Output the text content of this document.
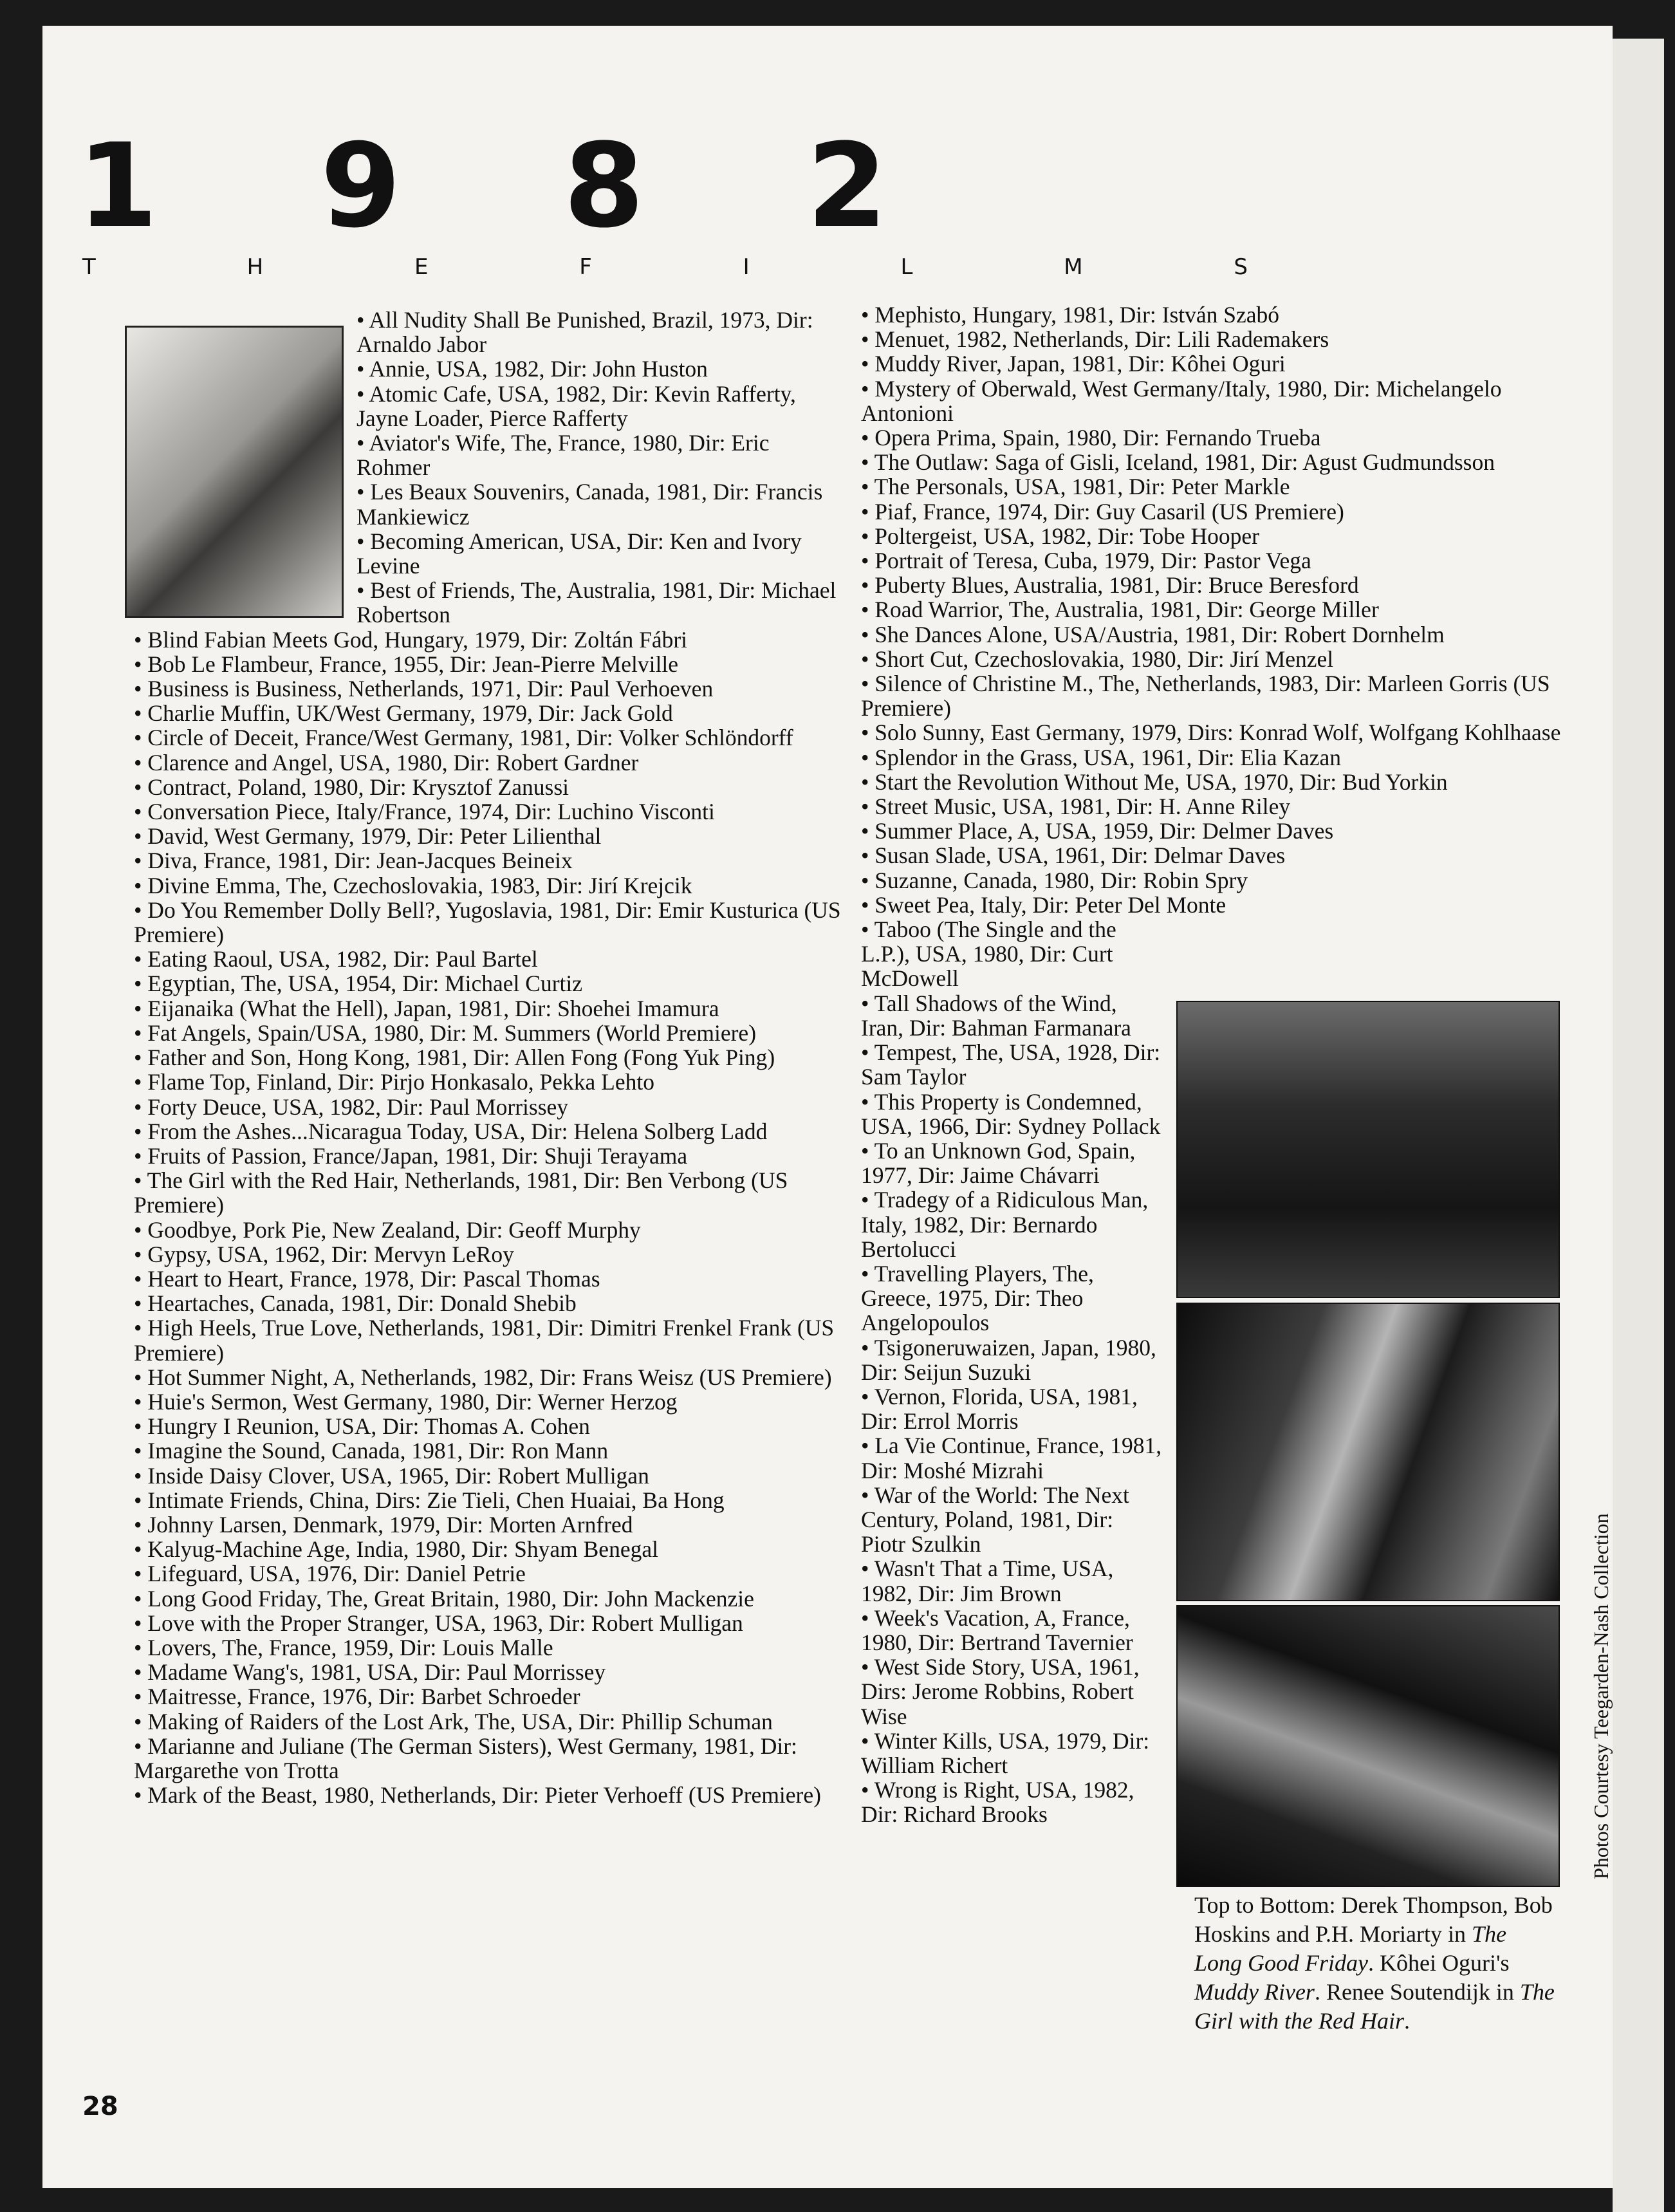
1 9 8 2
T H E F I L M S

• All Nudity Shall Be Punished, Brazil, 1973, Dir: Arnaldo Jabor

• Annie, USA, 1982, Dir: John Huston

• Atomic Cafe, USA, 1982, Dir: Kevin Rafferty, Jayne Loader, Pierce Rafferty

• Aviator's Wife, The, France, 1980, Dir: Eric Rohmer

• Les Beaux Souvenirs, Canada, 1981, Dir: Francis Mankiewicz

• Becoming American, USA, Dir: Ken and Ivory Levine

• Best of Friends, The, Australia, 1981, Dir: Michael Robertson

• Blind Fabian Meets God, Hungary, 1979, Dir: Zoltán Fábri

• Bob Le Flambeur, France, 1955, Dir: Jean-Pierre Melville

• Business is Business, Netherlands, 1971, Dir: Paul Verhoeven

• Charlie Muffin, UK/West Germany, 1979, Dir: Jack Gold

• Circle of Deceit, France/West Germany, 1981, Dir: Volker Schlöndorff

• Clarence and Angel, USA, 1980, Dir: Robert Gardner

• Contract, Poland, 1980, Dir: Krysztof Zanussi

• Conversation Piece, Italy/France, 1974, Dir: Luchino Visconti

• David, West Germany, 1979, Dir: Peter Lilienthal

• Diva, France, 1981, Dir: Jean-Jacques Beineix

• Divine Emma, The, Czechoslovakia, 1983, Dir: Jirí Krejcik

• Do You Remember Dolly Bell?, Yugoslavia, 1981, Dir: Emir Kusturica (US Premiere)

• Eating Raoul, USA, 1982, Dir: Paul Bartel

• Egyptian, The, USA, 1954, Dir: Michael Curtiz

• Eijanaika (What the Hell), Japan, 1981, Dir: Shoehei Imamura

• Fat Angels, Spain/USA, 1980, Dir: M. Summers (World Premiere)

• Father and Son, Hong Kong, 1981, Dir: Allen Fong (Fong Yuk Ping)

• Flame Top, Finland, Dir: Pirjo Honkasalo, Pekka Lehto

• Forty Deuce, USA, 1982, Dir: Paul Morrissey

• From the Ashes...Nicaragua Today, USA, Dir: Helena Solberg Ladd

• Fruits of Passion, France/Japan, 1981, Dir: Shuji Terayama

• The Girl with the Red Hair, Netherlands, 1981, Dir: Ben Verbong (US Premiere)

• Goodbye, Pork Pie, New Zealand, Dir: Geoff Murphy

• Gypsy, USA, 1962, Dir: Mervyn LeRoy

• Heart to Heart, France, 1978, Dir: Pascal Thomas

• Heartaches, Canada, 1981, Dir: Donald Shebib

• High Heels, True Love, Netherlands, 1981, Dir: Dimitri Frenkel Frank (US Premiere)

• Hot Summer Night, A, Netherlands, 1982, Dir: Frans Weisz (US Premiere)

• Huie's Sermon, West Germany, 1980, Dir: Werner Herzog

• Hungry I Reunion, USA, Dir: Thomas A. Cohen

• Imagine the Sound, Canada, 1981, Dir: Ron Mann

• Inside Daisy Clover, USA, 1965, Dir: Robert Mulligan

• Intimate Friends, China, Dirs: Zie Tieli, Chen Huaiai, Ba Hong

• Johnny Larsen, Denmark, 1979, Dir: Morten Arnfred

• Kalyug-Machine Age, India, 1980, Dir: Shyam Benegal

• Lifeguard, USA, 1976, Dir: Daniel Petrie

• Long Good Friday, The, Great Britain, 1980, Dir: John Mackenzie

• Love with the Proper Stranger, USA, 1963, Dir: Robert Mulligan

• Lovers, The, France, 1959, Dir: Louis Malle

• Madame Wang's, 1981, USA, Dir: Paul Morrissey

• Maitresse, France, 1976, Dir: Barbet Schroeder

• Making of Raiders of the Lost Ark, The, USA, Dir: Phillip Schuman

• Marianne and Juliane (The German Sisters), West Germany, 1981, Dir: Margarethe von Trotta

• Mark of the Beast, 1980, Netherlands, Dir: Pieter Verhoeff (US Premiere)

• Mephisto, Hungary, 1981, Dir: István Szabó

• Menuet, 1982, Netherlands, Dir: Lili Rademakers

• Muddy River, Japan, 1981, Dir: Kôhei Oguri

• Mystery of Oberwald, West Germany/Italy, 1980, Dir: Michelangelo Antonioni

• Opera Prima, Spain, 1980, Dir: Fernando Trueba

• The Outlaw: Saga of Gisli, Iceland, 1981, Dir: Agust Gudmundsson

• The Personals, USA, 1981, Dir: Peter Markle

• Piaf, France, 1974, Dir: Guy Casaril (US Premiere)

• Poltergeist, USA, 1982, Dir: Tobe Hooper

• Portrait of Teresa, Cuba, 1979, Dir: Pastor Vega

• Puberty Blues, Australia, 1981, Dir: Bruce Beresford

• Road Warrior, The, Australia, 1981, Dir: George Miller

• She Dances Alone, USA/Austria, 1981, Dir: Robert Dornhelm

• Short Cut, Czechoslovakia, 1980, Dir: Jirí Menzel

• Silence of Christine M., The, Netherlands, 1983, Dir: Marleen Gorris (US Premiere)

• Solo Sunny, East Germany, 1979, Dirs: Konrad Wolf, Wolfgang Kohlhaase

• Splendor in the Grass, USA, 1961, Dir: Elia Kazan

• Start the Revolution Without Me, USA, 1970, Dir: Bud Yorkin

• Street Music, USA, 1981, Dir: H. Anne Riley

• Summer Place, A, USA, 1959, Dir: Delmer Daves

• Susan Slade, USA, 1961, Dir: Delmar Daves

• Suzanne, Canada, 1980, Dir: Robin Spry

• Sweet Pea, Italy, Dir: Peter Del Monte

• Taboo (The Single and the L.P.), USA, 1980, Dir: Curt McDowell

• Tall Shadows of the Wind, Iran, Dir: Bahman Farmanara

• Tempest, The, USA, 1928, Dir: Sam Taylor

• This Property is Condemned, USA, 1966, Dir: Sydney Pollack

• To an Unknown God, Spain, 1977, Dir: Jaime Chávarri

• Tradegy of a Ridiculous Man, Italy, 1982, Dir: Bernardo Bertolucci

• Travelling Players, The, Greece, 1975, Dir: Theo Angelopoulos

• Tsigoneruwaizen, Japan, 1980, Dir: Seijun Suzuki

• Vernon, Florida, USA, 1981, Dir: Errol Morris

• La Vie Continue, France, 1981, Dir: Moshé Mizrahi

• War of the World: The Next Century, Poland, 1981, Dir: Piotr Szulkin

• Wasn't That a Time, USA, 1982, Dir: Jim Brown

• Week's Vacation, A, France, 1980, Dir: Bertrand Tavernier

• West Side Story, USA, 1961, Dirs: Jerome Robbins, Robert Wise

• Winter Kills, USA, 1979, Dir: William Richert

• Wrong is Right, USA, 1982, Dir: Richard Brooks

Top to Bottom: Derek Thompson, Bob Hoskins and P.H. Moriarty in The Long Good Friday. Kôhei Oguri's Muddy River. Renee Soutendijk in The Girl with the Red Hair.
Photos Courtesy Teegarden-Nash Collection
28
